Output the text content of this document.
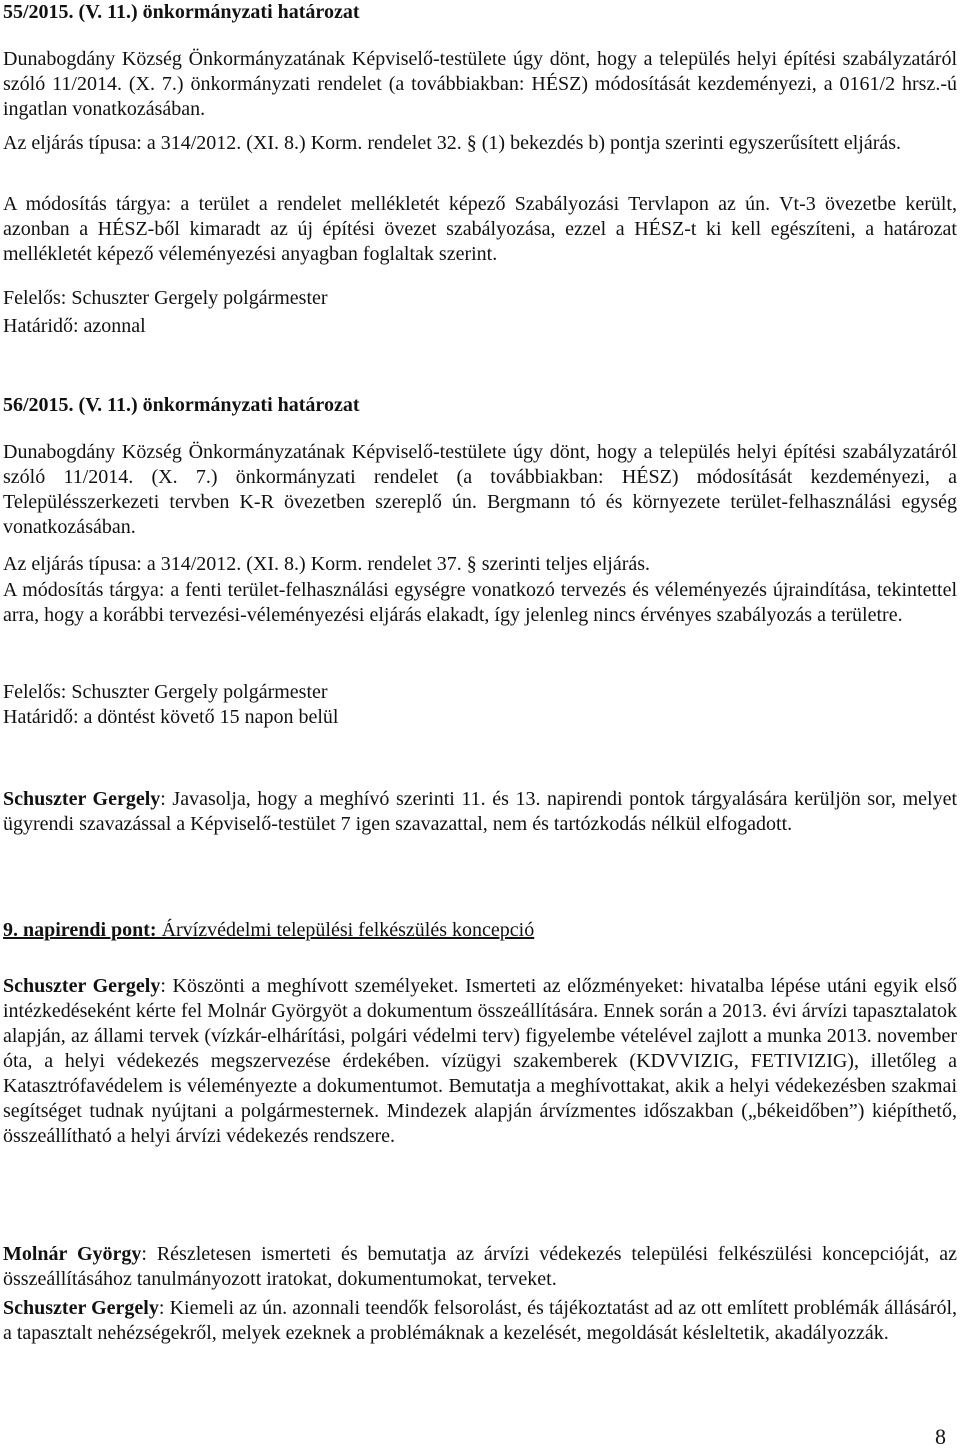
55/2015. (V. 11.) önkormányzati határozat

Dunabogdány Község Önkormányzatának Képviselő-testülete úgy dönt, hogy a település helyi építési szabályzatáról szóló 11/2014. (X. 7.) önkormányzati rendelet (a továbbiakban: HÉSZ) módosítását kezdeményezi, a 0161/2 hrsz.-ú ingatlan vonatkozásában.

Az eljárás típusa: a 314/2012. (XI. 8.) Korm. rendelet 32. § (1) bekezdés b) pontja szerinti egyszerűsített eljárás.

A módosítás tárgya: a terület a rendelet mellékletét képező Szabályozási Tervlapon az ún. Vt-3 övezetbe került, azonban a HÉSZ-ből kimaradt az új építési övezet szabályozása, ezzel a HÉSZ-t ki kell egészíteni, a határozat mellékletét képező véleményezési anyagban foglaltak szerint.

Felelős: Schuszter Gergely polgármester

Határidő: azonnal

56/2015. (V. 11.) önkormányzati határozat

Dunabogdány Község Önkormányzatának Képviselő-testülete úgy dönt, hogy a település helyi építési szabályzatáról szóló 11/2014. (X. 7.) önkormányzati rendelet (a továbbiakban: HÉSZ) módosítását kezdeményezi, a Településszerkezeti tervben K-R övezetben szereplő ún. Bergmann tó és környezete terület-felhasználási egység vonatkozásában.

Az eljárás típusa: a 314/2012. (XI. 8.) Korm. rendelet 37. § szerinti teljes eljárás.

A módosítás tárgya: a fenti terület-felhasználási egységre vonatkozó tervezés és véleményezés újraindítása, tekintettel arra, hogy a korábbi tervezési-véleményezési eljárás elakadt, így jelenleg nincs érvényes szabályozás a területre.

Felelős: Schuszter Gergely polgármester

Határidő: a döntést követő 15 napon belül

Schuszter Gergely: Javasolja, hogy a meghívó szerinti 11. és 13. napirendi pontok tárgyalására kerüljön sor, melyet ügyrendi szavazással a Képviselő-testület 7 igen szavazattal, nem és tartózkodás nélkül elfogadott.

9. napirendi pont: Árvízvédelmi települési felkészülés koncepció

Schuszter Gergely: Köszönti a meghívott személyeket. Ismerteti az előzményeket: hivatalba lépése utáni egyik első intézkedéseként kérte fel Molnár Györgyöt a dokumentum összeállítására. Ennek során a 2013. évi árvízi tapasztalatok alapján, az állami tervek (vízkár-elhárítási, polgári védelmi terv) figyelembe vételével zajlott a munka 2013. november óta, a helyi védekezés megszervezése érdekében. vízügyi szakemberek (KDVVIZIG, FETIVIZIG), illetőleg a Katasztrófavédelem is véleményezte a dokumentumot. Bemutatja a meghívottakat, akik a helyi védekezésben szakmai segítséget tudnak nyújtani a polgármesternek. Mindezek alapján árvízmentes időszakban („békeidőben”) kiépíthető, összeállítható a helyi árvízi védekezés rendszere.

Molnár György: Részletesen ismerteti és bemutatja az árvízi védekezés települési felkészülési koncepcióját, az összeállításához tanulmányozott iratokat, dokumentumokat, terveket.

Schuszter Gergely: Kiemeli az ún. azonnali teendők felsorolást, és tájékoztatást ad az ott említett problémák állásáról, a tapasztalt nehézségekről, melyek ezeknek a problémáknak a kezelését, megoldását késleltetik, akadályozzák.

8
